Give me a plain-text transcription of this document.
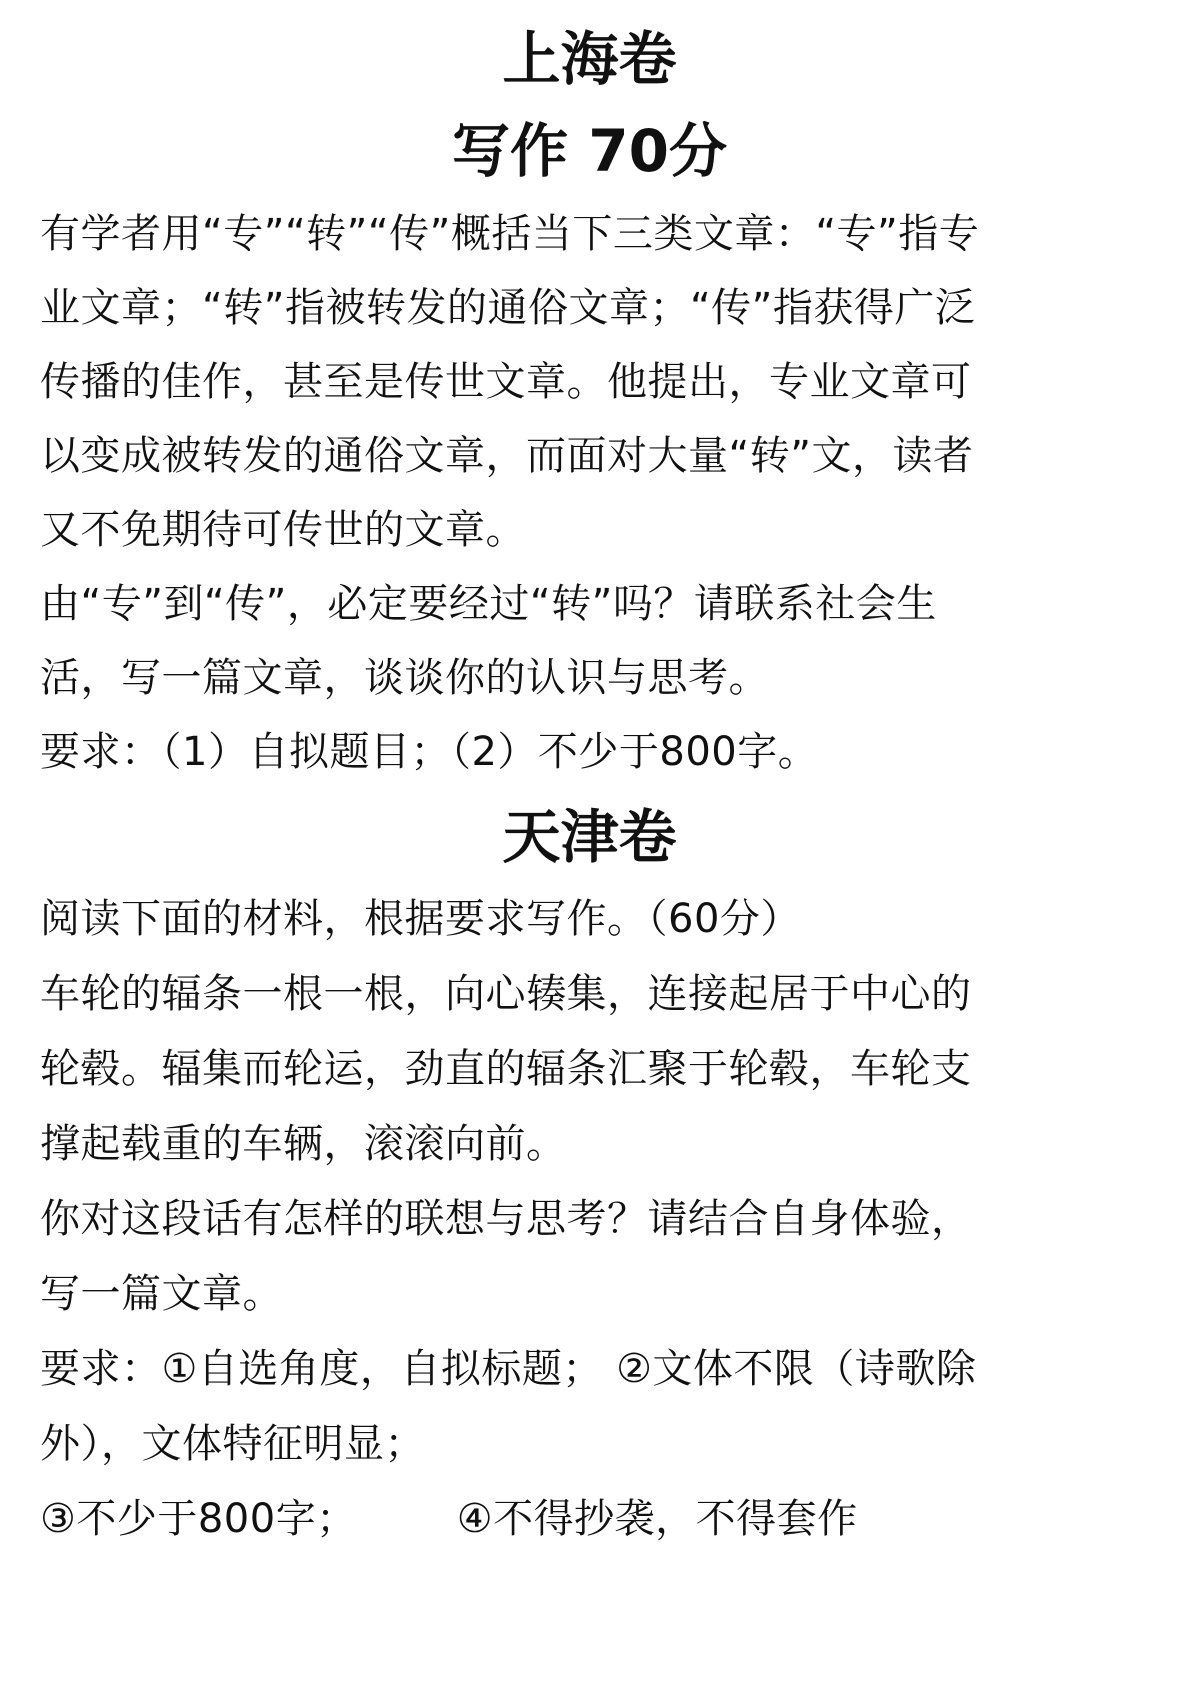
上海卷
写作 70分

有学者用“专”“转”“传”概括当下三类文章：“专”指专

业文章；“转”指被转发的通俗文章；“传”指获得广泛

传播的佳作，甚至是传世文章。他提出，专业文章可

以变成被转发的通俗文章，而面对大量“转”文，读者

又不免期待可传世的文章。

由“专”到“传”，必定要经过“转”吗？请联系社会生

活，写一篇文章，谈谈你的认识与思考。

要求：（1）自拟题目；（2）不少于800字。

天津卷

阅读下面的材料，根据要求写作。（60分）

车轮的辐条一根一根，向心辏集，连接起居于中心的

轮毂。辐集而轮运，劲直的辐条汇聚于轮毂，车轮支

撑起载重的车辆，滚滚向前。

你对这段话有怎样的联想与思考？请结合自身体验，

写一篇文章。

要求：①自选角度，自拟标题； ②文体不限（诗歌除

外），文体特征明显；

③不少于800字；	④不得抄袭，不得套作
